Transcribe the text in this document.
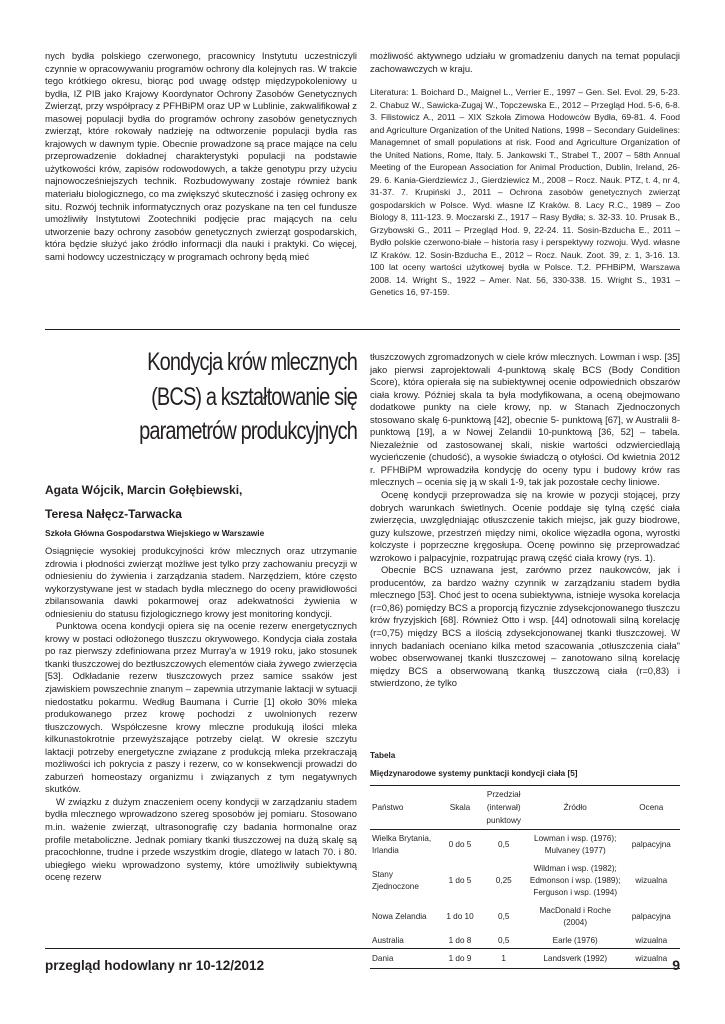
nych bydła polskiego czerwonego, pracownicy Instytutu uczestniczyli czynnie w opracowywaniu programów ochrony dla kolejnych ras. W trakcie tego krótkiego okresu, biorąc pod uwagę odstęp międzypokoleniowy u bydła, IZ PIB jako Krajowy Koordynator Ochrony Zasobów Genetycznych Zwierząt, przy współpracy z PFHBiPM oraz UP w Lublinie, zakwalifikował z masowej populacji bydła do programów ochrony zasobów genetycznych zwierząt, które rokowały nadzieję na odtworzenie populacji bydła ras krajowych w dawnym typie. Obecnie prowadzone są prace mające na celu przeprowadzenie dokładnej charakterystyki populacji na podstawie użytkowości krów, zapisów rodowodowych, a także genotypu przy użyciu najnowocześniejszych technik. Rozbudowywany zostaje również bank materiału biologicznego, co ma zwiększyć skuteczność i zasięg ochrony ex situ. Rozwój technik informatycznych oraz pozyskane na ten cel fundusze umożliwiły Instytutowi Zootechniki podjęcie prac mających na celu utworzenie bazy ochrony zasobów genetycznych zwierząt gospodarskich, która będzie służyć jako źródło informacji dla nauki i praktyki. Co więcej, sami hodowcy uczestniczący w programach ochrony będą mieć

możliwość aktywnego udziału w gromadzeniu danych na temat populacji zachowawczych w kraju.

Literatura: 1. Boichard D., Maignel L., Verrier E., 1997 – Gen. Sel. Evol. 29, 5-23. 2. Chabuz W., Sawicka-Zugaj W., Topczewska E., 2012 – Przegląd Hod. 5-6, 6-8. 3. Filistowicz A., 2011 – XIX Szkoła Zimowa Hodowców Bydła, 69-81. 4. Food and Agriculture Organization of the United Nations, 1998 – Secondary Guidelines: Managemnet of small populations at risk. Food and Agriculture Organization of the United Nations, Rome, Italy. 5. Jankowski T., Strabel T., 2007 – 58th Annual Meeting of the European Association for Animal Production, Dublin, Ireland, 26-29. 6. Kania-Gierdziewicz J., Gierdziewicz M., 2008 – Rocz. Nauk. PTZ, t. 4, nr 4, 31-37. 7. Krupiński J., 2011 – Ochrona zasobów genetycznych zwierząt gospodarskich w Polsce. Wyd. własne IZ Kraków. 8. Lacy R.C., 1989 – Zoo Biology 8, 111-123. 9. Moczarski Z., 1917 – Rasy Bydła; s. 32-33. 10. Prusak B., Grzybowski G., 2011 – Przegląd Hod. 9, 22-24. 11. Sosin-Bzducha E., 2011 – Bydło polskie czerwono-białe – historia rasy i perspektywy rozwoju. Wyd. własne IZ Kraków. 12. Sosin-Bzducha E., 2012 – Rocz. Nauk. Zoot. 39, z. 1, 3-16. 13. 100 lat oceny wartości użytkowej bydła w Polsce. T.2. PFHBiPM, Warszawa 2008. 14. Wright S., 1922 – Amer. Nat. 56, 330-338. 15. Wright S., 1931 – Genetics 16, 97-159.

Kondycja krów mlecznych (BCS) a kształtowanie się parametrów produkcyjnych
Agata Wójcik, Marcin Gołębiewski,
Teresa Nałęcz-Tarwacka
Szkoła Główna Gospodarstwa Wiejskiego w Warszawie

Osiągnięcie wysokiej produkcyjności krów mlecznych oraz utrzymanie zdrowia i płodności zwierząt możliwe jest tylko przy zachowaniu precyzji w odniesieniu do żywienia i zarządzania stadem. Narzędziem, które często wykorzystywane jest w stadach bydła mlecznego do oceny prawidłowości zbilansowania dawki pokarmowej oraz adekwatności żywienia w odniesieniu do statusu fizjologicznego krowy jest monitoring kondycji.

Punktowa ocena kondycji opiera się na ocenie rezerw energetycznych krowy w postaci odłożonego tłuszczu okrywowego. Kondycja ciała została po raz pierwszy zdefiniowana przez Murray'a w 1919 roku, jako stosunek tkanki tłuszczowej do beztłuszczowych elementów ciała żywego zwierzęcia [53]. Odkładanie rezerw tłuszczowych przez samice ssaków jest zjawiskiem powszechnie znanym – zapewnia utrzymanie laktacji w sytuacji niedostatku pokarmu. Według Baumana i Currie [1] około 30% mleka produkowanego przez krowę pochodzi z uwolnionych rezerw tłuszczowych. Współczesne krowy mleczne produkują ilości mleka kilkunastokrotnie przewyższające potrzeby cieląt. W okresie szczytu laktacji potrzeby energetyczne związane z produkcją mleka przekraczają możliwości ich pokrycia z paszy i rezerw, co w konsekwencji prowadzi do zaburzeń homeostazy organizmu i związanych z tym negatywnych skutków.

W związku z dużym znaczeniem oceny kondycji w zarządzaniu stadem bydła mlecznego wprowadzono szereg sposobów jej pomiaru. Stosowano m.in. ważenie zwierząt, ultrasonografię czy badania hormonalne oraz profile metaboliczne. Jednak pomiary tkanki tłuszczowej na dużą skalę są pracochłonne, trudne i przede wszystkim drogie, dlatego w latach 70. i 80. ubiegłego wieku wprowadzono systemy, które umożliwiły subiektywną ocenę rezerw

tłuszczowych zgromadzonych w ciele krów mlecznych. Lowman i wsp. [35] jako pierwsi zaprojektowali 4-punktową skalę BCS (Body Condition Score), która opierała się na subiektywnej ocenie odpowiednich obszarów ciała krowy. Później skala ta była modyfikowana, a oceną obejmowano dodatkowe punkty na ciele krowy, np. w Stanach Zjednoczonych stosowano skalę 6-punktową [42], obecnie 5- punktową [67], w Australii 8-punktową [19], a w Nowej Zelandii 10-punktową [36, 52] – tabela. Niezależnie od zastosowanej skali, niskie wartości odzwierciedlają wycieńczenie (chudość), a wysokie świadczą o otyłości. Od kwietnia 2012 r. PFHBiPM wprowadziła kondycję do oceny typu i budowy krów ras mlecznych – ocenia się ją w skali 1-9, tak jak pozostałe cechy liniowe.

Ocenę kondycji przeprowadza się na krowie w pozycji stojącej, przy dobrych warunkach świetlnych. Ocenie poddaje się tylną część ciała zwierzęcia, uwzględniając otłuszczenie takich miejsc, jak guzy biodrowe, guzy kulszowe, przestrzeń między nimi, okolice więzadła ogona, wyrostki kolczyste i poprzeczne kręgosłupa. Ocenę powinno się przeprowadzać wzrokowo i palpacyjnie, rozpatrując prawą część ciała krowy (rys. 1).

Obecnie BCS uznawana jest, zarówno przez naukowców, jak i producentów, za bardzo ważny czynnik w zarządzaniu stadem bydła mlecznego [53]. Choć jest to ocena subiektywna, istnieje wysoka korelacja (r=0,86) pomiędzy BCS a proporcją fizycznie zdysekcjonowanego tłuszczu krów fryzyjskich [68]. Również Otto i wsp. [44] odnotowali silną korelację (r=0,75) między BCS a ilością zdysekcjonowanej tkanki tłuszczowej. W innych badaniach oceniano kilka metod szacowania „otłuszczenia ciała" wobec obserwowanej tkanki tłuszczowej – zanotowano silną korelację między BCS a obserwowaną tkanką tłuszczową ciała (r=0,83) i stwierdzono, że tylko

Tabela
Międzynarodowe systemy punktacji kondycji ciała [5]
Państwo	Skala	Przedział (interwał) punktowy	Źródło	Ocena
Wielka Brytania, Irlandia	0 do 5	0,5	Lowman i wsp. (1976); Mulvaney (1977)	palpacyjna
Stany Zjednoczone	1 do 5	0,25	Wildman i wsp. (1982); Edmonson i wsp. (1989); Ferguson i wsp. (1994)	wizualna
Nowa Zelandia	1 do 10	0,5	MacDonald i Roche (2004)	palpacyjna
Australia	1 do 8	0,5	Earle (1976)	wizualna
Dania	1 do 9	1	Landsverk (1992)	wizualna
przegląd hodowlany nr 10-12/2012	9
